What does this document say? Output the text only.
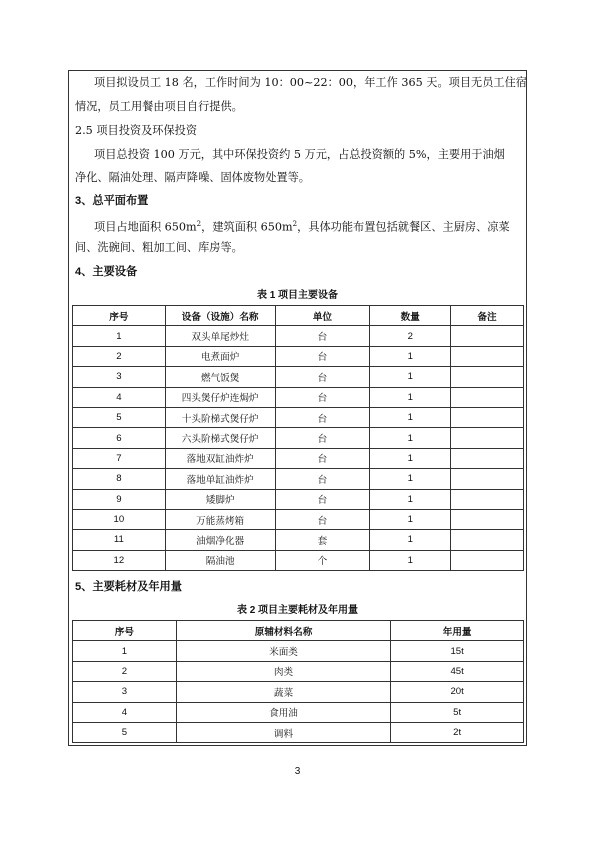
项目拟设员工 18 名，工作时间为 10：00~22：00，年工作 365 天。项目无员工住宿
情况，员工用餐由项目自行提供。
2.5 项目投资及环保投资
项目总投资 100 万元，其中环保投资约 5 万元，占总投资额的 5%，主要用于油烟
净化、隔油处理、隔声降噪、固体废物处置等。
3、总平面布置
项目占地面积 $650m^2$，建筑面积 $650m^2$，具体功能布置包括就餐区、主厨房、凉菜
间、洗碗间、粗加工间、库房等。
4、主要设备
表 1 项目主要设备
序号	设备（设施）名称	单位	数量	备注
1	双头单尾炒灶	台	2	
2	电煮面炉	台	1	
3	燃气饭煲	台	1	
4	四头煲仔炉连焗炉	台	1	
5	十头阶梯式煲仔炉	台	1	
6	六头阶梯式煲仔炉	台	1	
7	落地双缸油炸炉	台	1	
8	落地单缸油炸炉	台	1	
9	矮脚炉	台	1	
10	万能蒸烤箱	台	1	
11	油烟净化器	套	1	
12	隔油池	个	1	
5、主要耗材及年用量
表 2 项目主要耗材及年用量
序号	原辅材料名称	年用量
1	米面类	15t
2	肉类	45t
3	蔬菜	20t
4	食用油	5t
5	调料	2t
3
